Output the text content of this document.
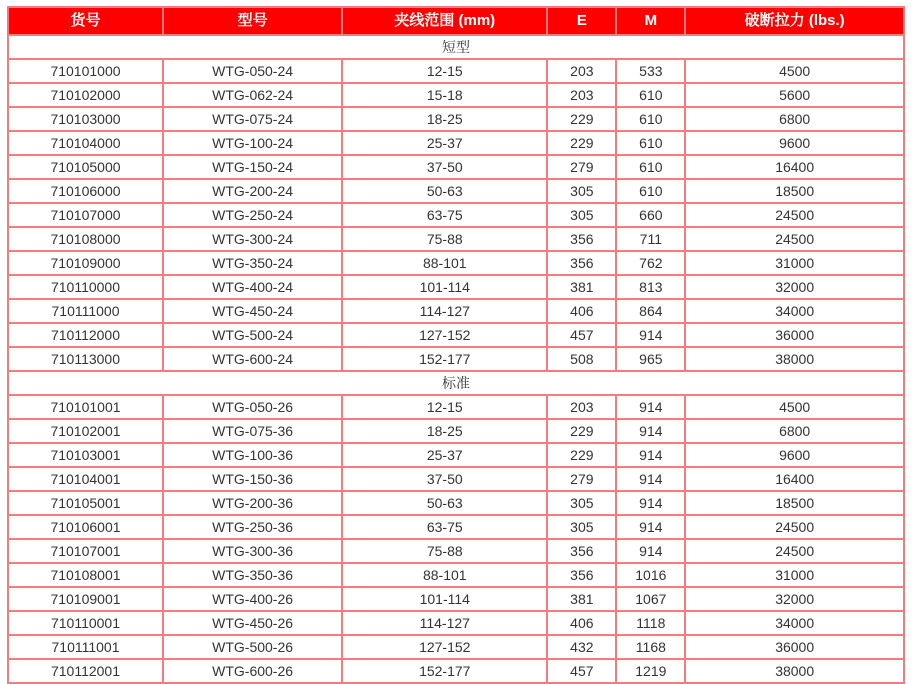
货号	型号	夹线范围 (mm)	E	M	破断拉力 (lbs.)
短型					
710101000	WTG-050-24	12-15	203	533	4500
710102000	WTG-062-24	15-18	203	610	5600
710103000	WTG-075-24	18-25	229	610	6800
710104000	WTG-100-24	25-37	229	610	9600
710105000	WTG-150-24	37-50	279	610	16400
710106000	WTG-200-24	50-63	305	610	18500
710107000	WTG-250-24	63-75	305	660	24500
710108000	WTG-300-24	75-88	356	711	24500
710109000	WTG-350-24	88-101	356	762	31000
710110000	WTG-400-24	101-114	381	813	32000
710111000	WTG-450-24	114-127	406	864	34000
710112000	WTG-500-24	127-152	457	914	36000
710113000	WTG-600-24	152-177	508	965	38000
标准					
710101001	WTG-050-26	12-15	203	914	4500
710102001	WTG-075-36	18-25	229	914	6800
710103001	WTG-100-36	25-37	229	914	9600
710104001	WTG-150-36	37-50	279	914	16400
710105001	WTG-200-36	50-63	305	914	18500
710106001	WTG-250-36	63-75	305	914	24500
710107001	WTG-300-36	75-88	356	914	24500
710108001	WTG-350-36	88-101	356	1016	31000
710109001	WTG-400-26	101-114	381	1067	32000
710110001	WTG-450-26	114-127	406	1118	34000
710111001	WTG-500-26	127-152	432	1168	36000
710112001	WTG-600-26	152-177	457	1219	38000
